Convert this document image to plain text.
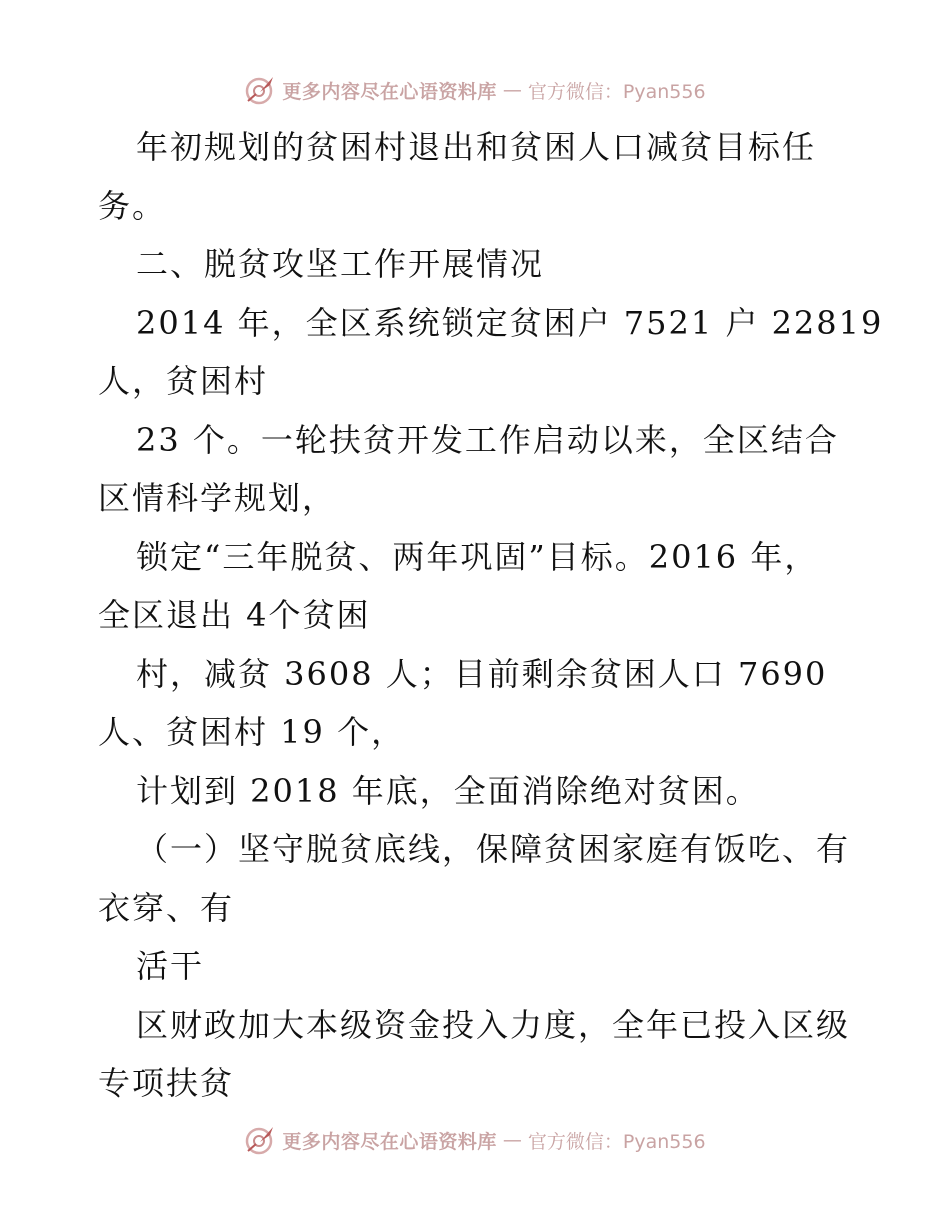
更多内容尽在心语资料库 — 官方微信：Pyan556
年初规划的贫困村退出和贫困人口减贫目标任
务。
二、脱贫攻坚工作开展情况
2014 年，全区系统锁定贫困户 7521 户 22819
人，贫困村
23 个。一轮扶贫开发工作启动以来，全区结合
区情科学规划，
锁定“三年脱贫、两年巩固”目标。2016 年，
全区退出 4个贫困
村，减贫 3608 人；目前剩余贫困人口 7690
人、贫困村 19 个，
计划到 2018 年底，全面消除绝对贫困。
（一）坚守脱贫底线，保障贫困家庭有饭吃、有
衣穿、有
活干
区财政加大本级资金投入力度，全年已投入区级
专项扶贫
更多内容尽在心语资料库 — 官方微信：Pyan556
